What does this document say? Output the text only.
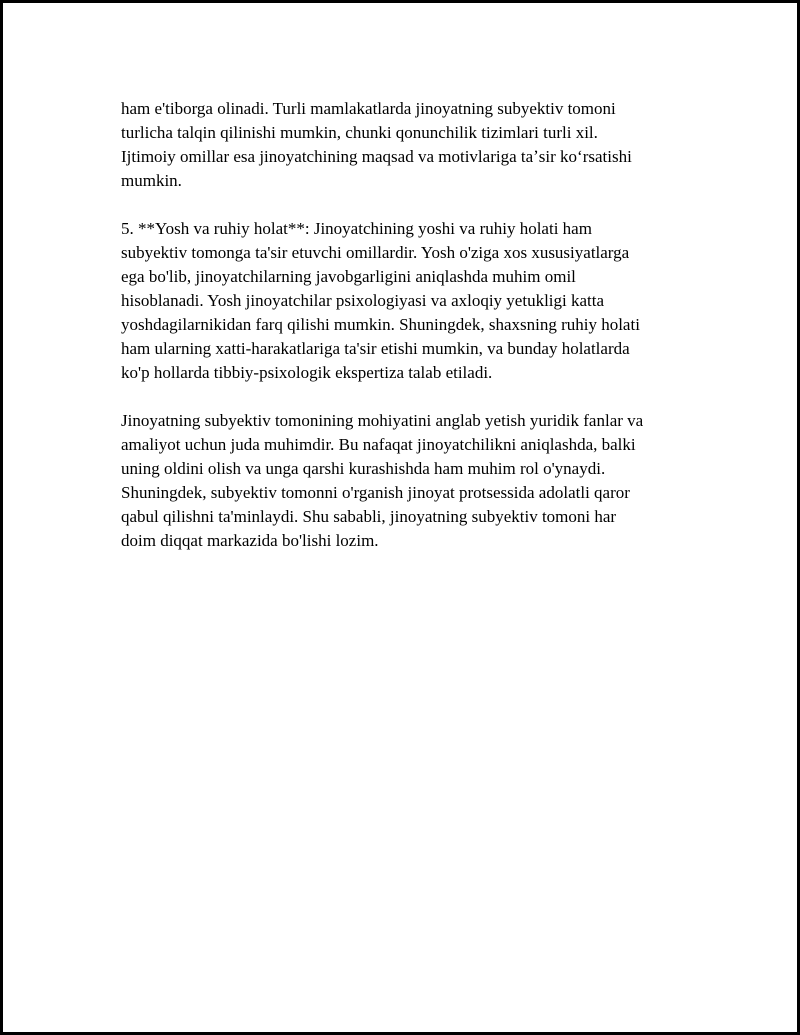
ham e'tiborga olinadi. Turli mamlakatlarda jinoyatning subyektiv tomoni
turlicha talqin qilinishi mumkin, chunki qonunchilik tizimlari turli xil.
Ijtimoiy omillar esa jinoyatchining maqsad va motivlariga taʼsir koʻrsatishi
mumkin.

5. **Yosh va ruhiy holat**: Jinoyatchining yoshi va ruhiy holati ham
subyektiv tomonga ta'sir etuvchi omillardir. Yosh o'ziga xos xususiyatlarga
ega bo'lib, jinoyatchilarning javobgarligini aniqlashda muhim omil
hisoblanadi. Yosh jinoyatchilar psixologiyasi va axloqiy yetukligi katta
yoshdagilarnikidan farq qilishi mumkin. Shuningdek, shaxsning ruhiy holati
ham ularning xatti-harakatlariga ta'sir etishi mumkin, va bunday holatlarda
ko'p hollarda tibbiy-psixologik ekspertiza talab etiladi.

Jinoyatning subyektiv tomonining mohiyatini anglab yetish yuridik fanlar va
amaliyot uchun juda muhimdir. Bu nafaqat jinoyatchilikni aniqlashda, balki
uning oldini olish va unga qarshi kurashishda ham muhim rol o'ynaydi.
Shuningdek, subyektiv tomonni o'rganish jinoyat protsessida adolatli qaror
qabul qilishni ta'minlaydi. Shu sababli, jinoyatning subyektiv tomoni har
doim diqqat markazida bo'lishi lozim.
